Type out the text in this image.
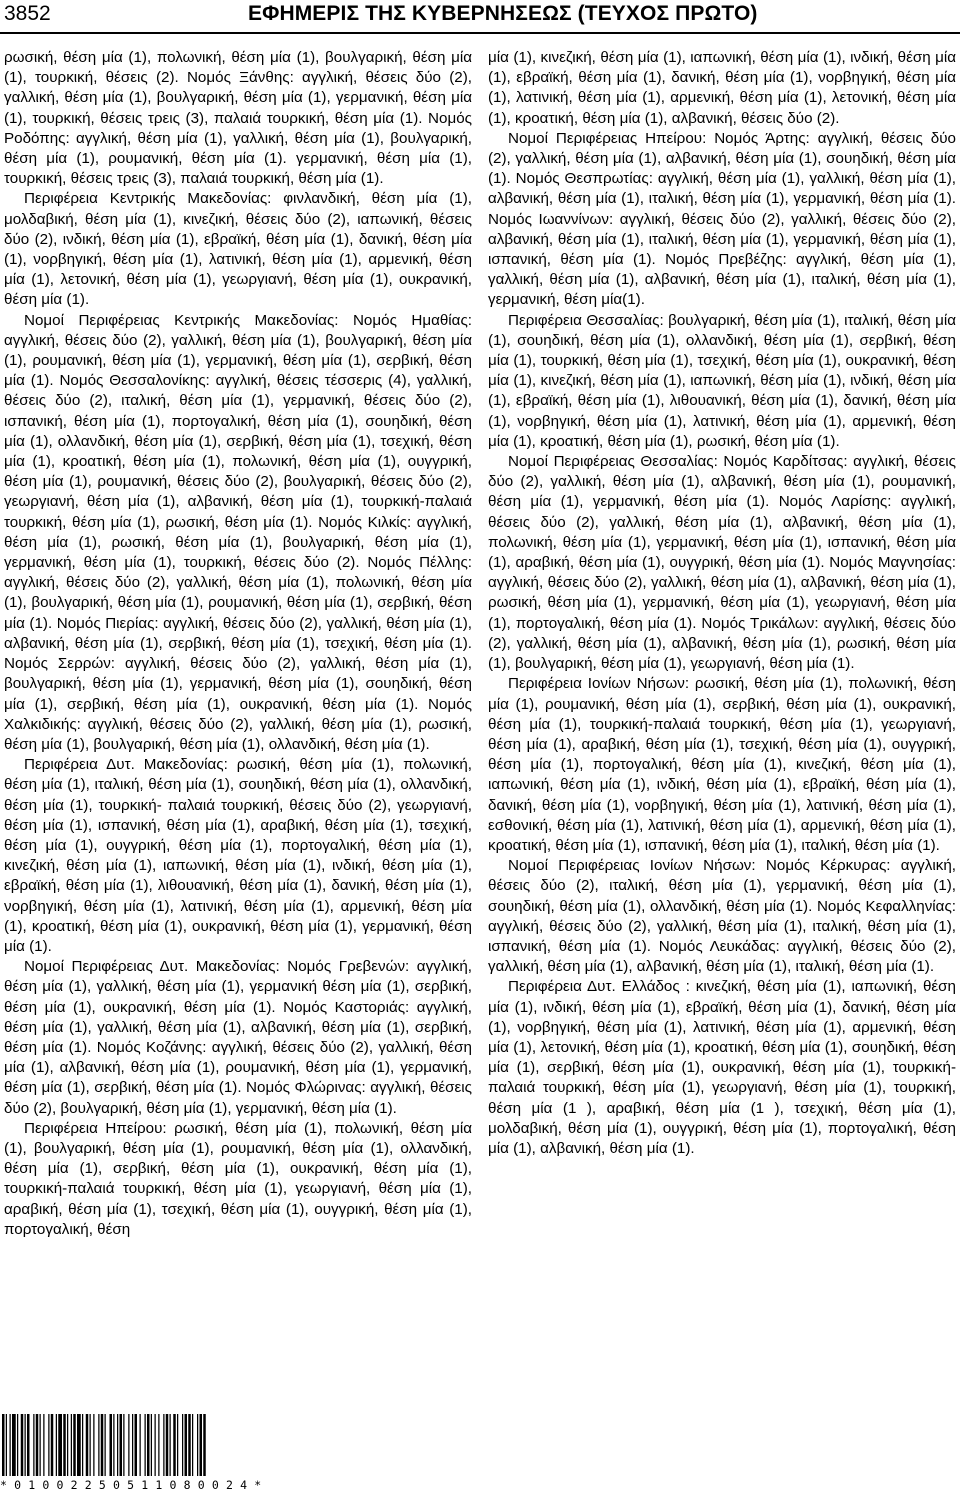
3852	ΕΦΗΜΕΡΙΣ ΤΗΣ ΚΥΒΕΡΝΗΣΕΩΣ (ΤΕΥΧΟΣ ΠΡΩΤΟ)

ρωσική, θέση μία (1), πολωνική, θέση μία (1), βουλγαρική, θέση μία (1), τουρκική, θέσεις (2). Νομός Ξάνθης: αγγλική, θέσεις δύο (2), γαλλική, θέση μία (1), βουλγαρική, θέση μία (1), γερμανική, θέση μία (1), τουρκική, θέσεις τρεις (3), παλαιά τουρκική, θέση μία (1). Νομός Ροδόπης: αγγλική, θέση μία (1), γαλλική, θέση μία (1), βουλγαρική, θέση μία (1), ρουμανική, θέση μία (1). γερμανική, θέση μία (1), τουρκική, θέσεις τρεις (3), παλαιά τουρκική, θέση μία (1).

Περιφέρεια Κεντρικής Μακεδονίας: φινλανδική, θέση μία (1), μολδαβική, θέση μία (1), κινεζική, θέσεις δύο (2), ιαπωνική, θέσεις δύο (2), ινδική, θέση μία (1), εβραϊκή, θέση μία (1), δανική, θέση μία (1), νορβηγική, θέση μία (1), λατινική, θέση μία (1), αρμενική, θέση μία (1), λετονική, θέση μία (1), γεωργιανή, θέση μία (1), ουκρανική, θέση μία (1).

Νομοί Περιφέρειας Κεντρικής Μακεδονίας: Νομός Ημαθίας: αγγλική, θέσεις δύο (2), γαλλική, θέση μία (1), βουλγαρική, θέση μία (1), ρουμανική, θέση μία (1), γερμανική, θέση μία (1), σερβική, θέση μία (1). Νομός Θεσσαλονίκης: αγγλική, θέσεις τέσσερις (4), γαλλική, θέσεις δύο (2), ιταλική, θέση μία (1), γερμανική, θέσεις δύο (2), ισπανική, θέση μία (1), πορτογαλική, θέση μία (1), σουηδική, θέση μία (1), ολλανδική, θέση μία (1), σερβική, θέση μία (1), τσεχική, θέση μία (1), κροατική, θέση μία (1), πολωνική, θέση μία (1), ουγγρική, θέση μία (1), ρουμανική, θέσεις δύο (2), βουλγαρική, θέσεις δύο (2), γεωργιανή, θέση μία (1), αλβανική, θέση μία (1), τουρκική-παλαιά τουρκική, θέση μία (1), ρωσική, θέση μία (1). Νομός Κιλκίς: αγγλική, θέση μία (1), ρωσική, θέση μία (1), βουλγαρική, θέση μία (1), γερμανική, θέση μία (1), τουρκική, θέσεις δύο (2). Νομός Πέλλης: αγγλική, θέσεις δύο (2), γαλλική, θέση μία (1), πολωνική, θέση μία (1), βουλγαρική, θέση μία (1), ρουμανική, θέση μία (1), σερβική, θέση μία (1). Νομός Πιερίας: αγγλική, θέσεις δύο (2), γαλλική, θέση μία (1), αλβανική, θέση μία (1), σερβική, θέση μία (1), τσεχική, θέση μία (1). Νομός Σερρών: αγγλική, θέσεις δύο (2), γαλλική, θέση μία (1), βουλγαρική, θέση μία (1), γερμανική, θέση μία (1), σουηδική, θέση μία (1), σερβική, θέση μία (1), ουκρανική, θέση μία (1). Νομός Χαλκιδικής: αγγλική, θέσεις δύο (2), γαλλική, θέση μία (1), ρωσική, θέση μία (1), βουλγαρική, θέση μία (1), ολλανδική, θέση μία (1).

Περιφέρεια Δυτ. Μακεδονίας: ρωσική, θέση μία (1), πολωνική, θέση μία (1), ιταλική, θέση μία (1), σουηδική, θέση μία (1), ολλανδική, θέση μία (1), τουρκική- παλαιά τουρκική, θέσεις δύο (2), γεωργιανή, θέση μία (1), ισπανική, θέση μία (1), αραβική, θέση μία (1), τσεχική, θέση μία (1), ουγγρική, θέση μία (1), πορτογαλική, θέση μία (1), κινεζική, θέση μία (1), ιαπωνική, θέση μία (1), ινδική, θέση μία (1), εβραϊκή, θέση μία (1), λιθουανική, θέση μία (1), δανική, θέση μία (1), νορβηγική, θέση μία (1), λατινική, θέση μία (1), αρμενική, θέση μία (1), κροατική, θέση μία (1), ουκρανική, θέση μία (1), γερμανική, θέση μία (1).

Νομοί Περιφέρειας Δυτ. Μακεδονίας: Νομός Γρεβενών: αγγλική, θέση μία (1), γαλλική, θέση μία (1), γερμανική θέση μία (1), σερβική, θέση μία (1), ουκρανική, θέση μία (1). Νομός Καστοριάς: αγγλική, θέση μία (1), γαλλική, θέση μία (1), αλβανική, θέση μία (1), σερβική, θέση μία (1). Νομός Κοζάνης: αγγλική, θέσεις δύο (2), γαλλική, θέση μία (1), αλβανική, θέση μία (1), ρουμανική, θέση μία (1), γερμανική, θέση μία (1), σερβική, θέση μία (1). Νομός Φλώρινας: αγγλική, θέσεις δύο (2), βουλγαρική, θέση μία (1), γερμανική, θέση μία (1).

Περιφέρεια Ηπείρου: ρωσική, θέση μία (1), πολωνική, θέση μία (1), βουλγαρική, θέση μία (1), ρουμανική, θέση μία (1), ολλανδική, θέση μία (1), σερβική, θέση μία (1), ουκρανική, θέση μία (1), τουρκική-παλαιά τουρκική, θέση μία (1), γεωργιανή, θέση μία (1), αραβική, θέση μία (1), τσεχική, θέση μία (1), ουγγρική, θέση μία (1), πορτογαλική, θέση

μία (1), κινεζική, θέση μία (1), ιαπωνική, θέση μία (1), ινδική, θέση μία (1), εβραϊκή, θέση μία (1), δανική, θέση μία (1), νορβηγική, θέση μία (1), λατινική, θέση μία (1), αρμενική, θέση μία (1), λετονική, θέση μία (1), κροατική, θέση μία (1), αλβανική, θέσεις δύο (2).

Νομοί Περιφέρειας Ηπείρου: Νομός Άρτης: αγγλική, θέσεις δύο (2), γαλλική, θέση μία (1), αλβανική, θέση μία (1), σουηδική, θέση μία (1). Νομός Θεσπρωτίας: αγγλική, θέση μία (1), γαλλική, θέση μία (1), αλβανική, θέση μία (1), ιταλική, θέση μία (1), γερμανική, θέση μία (1). Νομός Ιωαννίνων: αγγλική, θέσεις δύο (2), γαλλική, θέσεις δύο (2), αλβανική, θέση μία (1), ιταλική, θέση μία (1), γερμανική, θέση μία (1), ισπανική, θέση μία (1). Νομός Πρεβέζης: αγγλική, θέση μία (1), γαλλική, θέση μία (1), αλβανική, θέση μία (1), ιταλική, θέση μία (1), γερμανική, θέση μία(1).

Περιφέρεια Θεσσαλίας: βουλγαρική, θέση μία (1), ιταλική, θέση μία (1), σουηδική, θέση μία (1), ολλανδική, θέση μία (1), σερβική, θέση μία (1), τουρκική, θέση μία (1), τσεχική, θέση μία (1), ουκρανική, θέση μία (1), κινεζική, θέση μία (1), ιαπωνική, θέση μία (1), ινδική, θέση μία (1), εβραϊκή, θέση μία (1), λιθουανική, θέση μία (1), δανική, θέση μία (1), νορβηγική, θέση μία (1), λατινική, θέση μία (1), αρμενική, θέση μία (1), κροατική, θέση μία (1), ρωσική, θέση μία (1).

Νομοί Περιφέρειας Θεσσαλίας: Νομός Καρδίτσας: αγγλική, θέσεις δύο (2), γαλλική, θέση μία (1), αλβανική, θέση μία (1), ρουμανική, θέση μία (1), γερμανική, θέση μία (1). Νομός Λαρίσης: αγγλική, θέσεις δύο (2), γαλλική, θέση μία (1), αλβανική, θέση μία (1), πολωνική, θέση μία (1), γερμανική, θέση μία (1), ισπανική, θέση μία (1), αραβική, θέση μία (1), ουγγρική, θέση μία (1). Νομός Μαγνησίας: αγγλική, θέσεις δύο (2), γαλλική, θέση μία (1), αλβανική, θέση μία (1), ρωσική, θέση μία (1), γερμανική, θέση μία (1), γεωργιανή, θέση μία (1), πορτογαλική, θέση μία (1). Νομός Τρικάλων: αγγλική, θέσεις δύο (2), γαλλική, θέση μία (1), αλβανική, θέση μία (1), ρωσική, θέση μία (1), βουλγαρική, θέση μία (1), γεωργιανή, θέση μία (1).

Περιφέρεια Ιονίων Νήσων: ρωσική, θέση μία (1), πολωνική, θέση μία (1), ρουμανική, θέση μία (1), σερβική, θέση μία (1), ουκρανική, θέση μία (1), τουρκική-παλαιά τουρκική, θέση μία (1), γεωργιανή, θέση μία (1), αραβική, θέση μία (1), τσεχική, θέση μία (1), ουγγρική, θέση μία (1), πορτογαλική, θέση μία (1), κινεζική, θέση μία (1), ιαπωνική, θέση μία (1), ινδική, θέση μία (1), εβραϊκή, θέση μία (1), δανική, θέση μία (1), νορβηγική, θέση μία (1), λατινική, θέση μία (1), εσθονική, θέση μία (1), λατινική, θέση μία (1), αρμενική, θέση μία (1), κροατική, θέση μία (1), ισπανική, θέση μία (1), ιταλική, θέση μία (1).

Νομοί Περιφέρειας Ιονίων Νήσων: Νομός Κέρκυρας: αγγλική, θέσεις δύο (2), ιταλική, θέση μία (1), γερμανική, θέση μία (1), σουηδική, θέση μία (1), ολλανδική, θέση μία (1). Νομός Κεφαλληνίας: αγγλική, θέσεις δύο (2), γαλλική, θέση μία (1), ιταλική, θέση μία (1), ισπανική, θέση μία (1). Νομός Λευκάδας: αγγλική, θέσεις δύο (2), γαλλική, θέση μία (1), αλβανική, θέση μία (1), ιταλική, θέση μία (1).

Περιφέρεια Δυτ. Ελλάδος : κινεζική, θέση μία (1), ιαπωνική, θέση μία (1), ινδική, θέση μία (1), εβραϊκή, θέση μία (1), δανική, θέση μία (1), νορβηγική, θέση μία (1), λατινική, θέση μία (1), αρμενική, θέση μία (1), λετονική, θέση μία (1), κροατική, θέση μία (1), σουηδική, θέση μία (1), σερβική, θέση μία (1), ουκρανική, θέση μία (1), τουρκική-παλαιά τουρκική, θέση μία (1), γεωργιανή, θέση μία (1), τουρκική, θέση μία (1 ), αραβική, θέση μία (1 ), τσεχική, θέση μία (1), μολδαβική, θέση μία (1), ουγγρική, θέση μία (1), πορτογαλική, θέση μία (1), αλβανική, θέση μία (1).

*01002250511080024*
